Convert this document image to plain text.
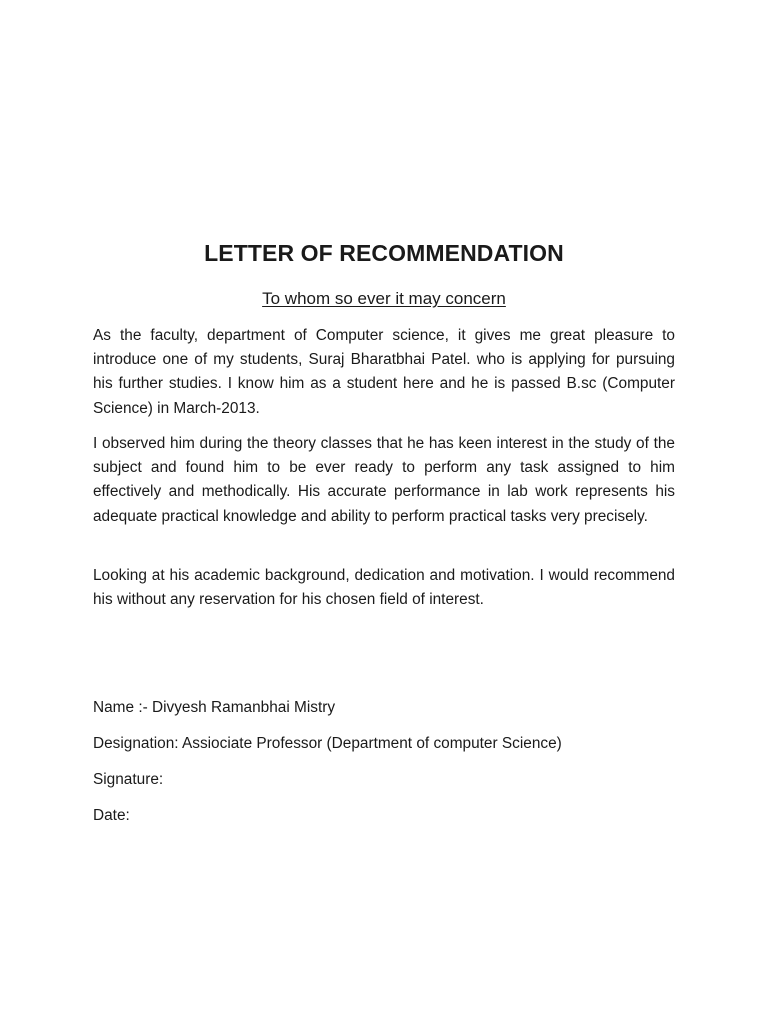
LETTER OF RECOMMENDATION

To whom so ever it may concern

As the faculty, department of Computer science, it gives me great pleasure to introduce one of my students, Suraj Bharatbhai Patel. who is applying for pursuing his further studies. I know him as a student here and he is passed B.sc (Computer Science) in March-2013.

I observed him during the theory classes that he has keen interest in the study of the subject and found him to be ever ready to perform any task assigned to him effectively and methodically. His accurate performance in lab work represents his adequate practical knowledge and ability to perform practical tasks very precisely.

Looking at his academic background, dedication and motivation. I would recommend his without any reservation for his chosen field of interest.

Name :- Divyesh Ramanbhai Mistry

Designation: Assiociate Professor (Department of computer Science)

Signature:

Date:
